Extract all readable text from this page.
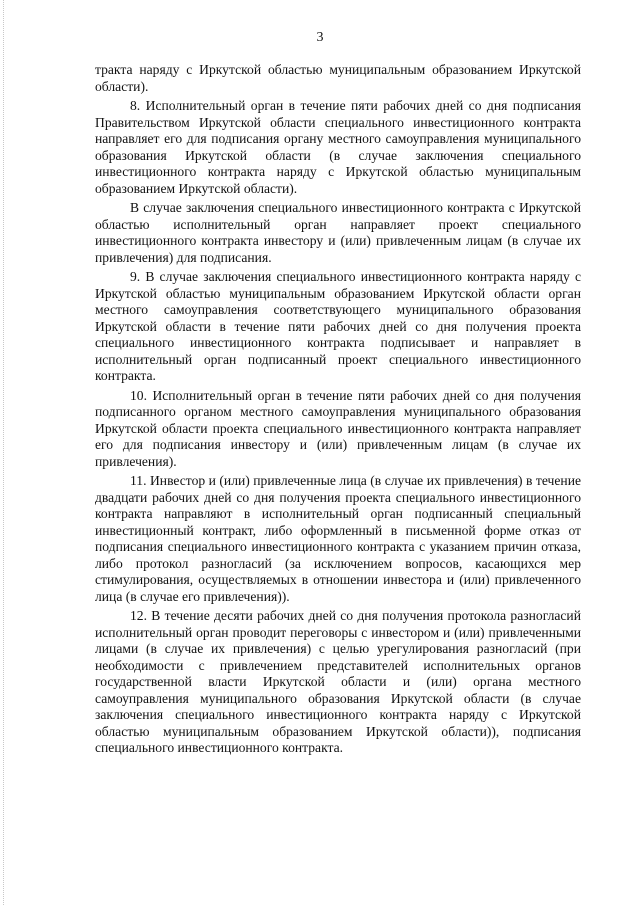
3

тракта наряду с Иркутской областью муниципальным образованием Иркутской области).

8. Исполнительный орган в течение пяти рабочих дней со дня подписания Правительством Иркутской области специального инвестиционного контракта направляет его для подписания органу местного самоуправления муниципального образования Иркутской области (в случае заключения специального инвестиционного контракта наряду с Иркутской областью муниципальным образованием Иркутской области).

В случае заключения специального инвестиционного контракта с Иркутской областью исполнительный орган направляет проект специального инвестиционного контракта инвестору и (или) привлеченным лицам (в случае их привлечения) для подписания.

9. В случае заключения специального инвестиционного контракта наряду с Иркутской областью муниципальным образованием Иркутской области орган местного самоуправления соответствующего муниципального образования Иркутской области в течение пяти рабочих дней со дня получения проекта специального инвестиционного контракта подписывает и направляет в исполнительный орган подписанный проект специального инвестиционного контракта.

10. Исполнительный орган в течение пяти рабочих дней со дня получения подписанного органом местного самоуправления муниципального образования Иркутской области проекта специального инвестиционного контракта направляет его для подписания инвестору и (или) привлеченным лицам (в случае их привлечения).

11. Инвестор и (или) привлеченные лица (в случае их привлечения) в течение двадцати рабочих дней со дня получения проекта специального инвестиционного контракта направляют в исполнительный орган подписанный специальный инвестиционный контракт, либо оформленный в письменной форме отказ от подписания специального инвестиционного контракта с указанием причин отказа, либо протокол разногласий (за исключением вопросов, касающихся мер стимулирования, осуществляемых в отношении инвестора и (или) привлеченного лица (в случае его привлечения)).

12. В течение десяти рабочих дней со дня получения протокола разногласий исполнительный орган проводит переговоры с инвестором и (или) привлеченными лицами (в случае их привлечения) с целью урегулирования разногласий (при необходимости с привлечением представителей исполнительных органов государственной власти Иркутской области и (или) органа местного самоуправления муниципального образования Иркутской области (в случае заключения специального инвестиционного контракта наряду с Иркутской областью муниципальным образованием Иркутской области)), подписания специального инвестиционного контракта.
